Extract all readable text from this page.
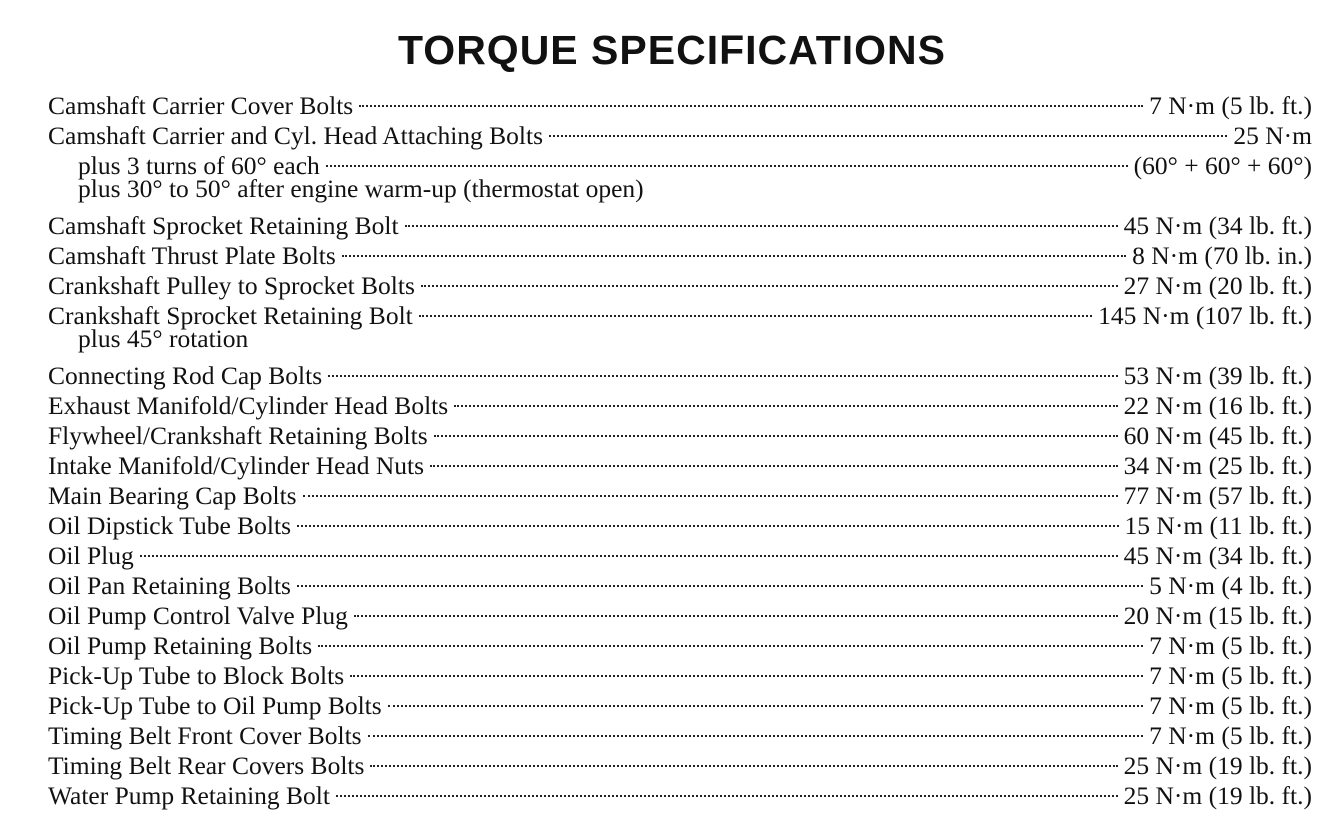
TORQUE SPECIFICATIONS
Camshaft Carrier Cover Bolts	7 N·m (5 lb. ft.)
Camshaft Carrier and Cyl. Head Attaching Bolts	25 N·m
plus 3 turns of 60° each	(60° + 60° + 60°)
plus 30° to 50° after engine warm-up (thermostat open)
Camshaft Sprocket Retaining Bolt	45 N·m (34 lb. ft.)
Camshaft Thrust Plate Bolts	8 N·m (70 lb. in.)
Crankshaft Pulley to Sprocket Bolts	27 N·m (20 lb. ft.)
Crankshaft Sprocket Retaining Bolt	145 N·m (107 lb. ft.)
plus 45° rotation
Connecting Rod Cap Bolts	53 N·m (39 lb. ft.)
Exhaust Manifold/Cylinder Head Bolts	22 N·m (16 lb. ft.)
Flywheel/Crankshaft Retaining Bolts	60 N·m (45 lb. ft.)
Intake Manifold/Cylinder Head Nuts	34 N·m (25 lb. ft.)
Main Bearing Cap Bolts	77 N·m (57 lb. ft.)
Oil Dipstick Tube Bolts	15 N·m (11 lb. ft.)
Oil Plug	45 N·m (34 lb. ft.)
Oil Pan Retaining Bolts	5 N·m (4 lb. ft.)
Oil Pump Control Valve Plug	20 N·m (15 lb. ft.)
Oil Pump Retaining Bolts	7 N·m (5 lb. ft.)
Pick-Up Tube to Block Bolts	7 N·m (5 lb. ft.)
Pick-Up Tube to Oil Pump Bolts	7 N·m (5 lb. ft.)
Timing Belt Front Cover Bolts	7 N·m (5 lb. ft.)
Timing Belt Rear Covers Bolts	25 N·m (19 lb. ft.)
Water Pump Retaining Bolt	25 N·m (19 lb. ft.)
